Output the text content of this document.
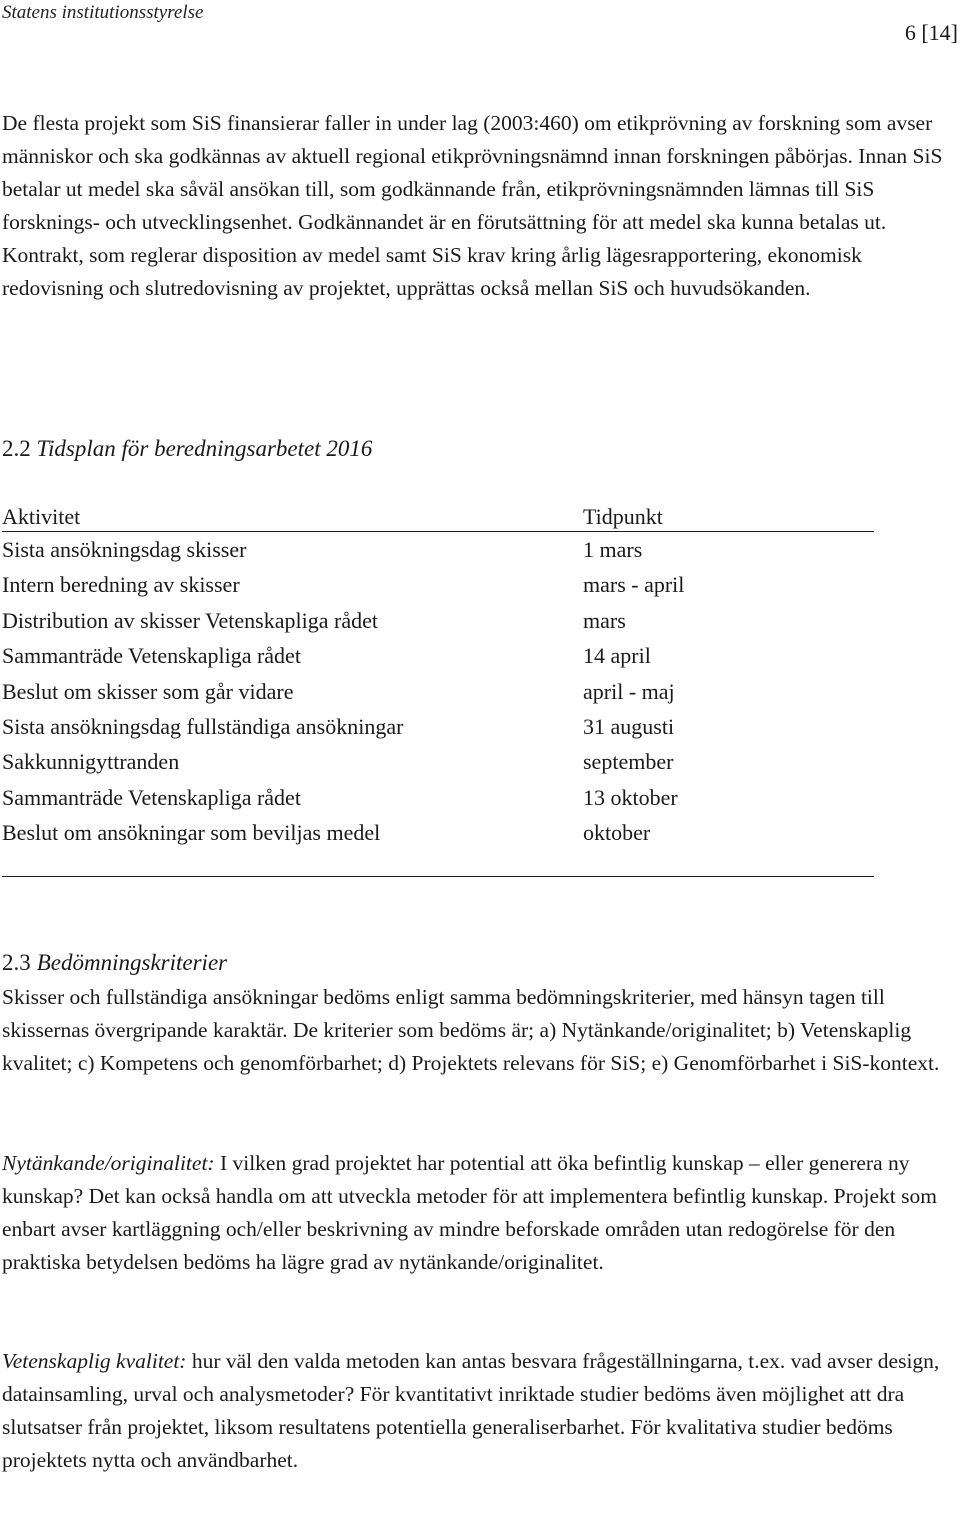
Statens institutionsstyrelse
6 [14]

De flesta projekt som SiS finansierar faller in under lag (2003:460) om etikprövning av forskning som avser människor och ska godkännas av aktuell regional etikprövningsnämnd innan forskningen påbörjas. Innan SiS betalar ut medel ska såväl ansökan till, som godkännande från, etikprövningsnämnden lämnas till SiS forsknings- och utvecklingsenhet. Godkännandet är en förutsättning för att medel ska kunna betalas ut. Kontrakt, som reglerar disposition av medel samt SiS krav kring årlig lägesrapportering, ekonomisk redovisning och slutredovisning av projektet, upprättas också mellan SiS och huvudsökanden.

2.2 Tidsplan för beredningsarbetet 2016
Aktivitet	Tidpunkt
Sista ansökningsdag skisser	1 mars
Intern beredning av skisser	mars - april
Distribution av skisser Vetenskapliga rådet	mars
Sammanträde Vetenskapliga rådet	14 april
Beslut om skisser som går vidare	april - maj
Sista ansökningsdag fullständiga ansökningar	31 augusti
Sakkunnigyttranden	september
Sammanträde Vetenskapliga rådet	13 oktober
Beslut om ansökningar som beviljas medel	oktober
2.3 Bedömningskriterier

Skisser och fullständiga ansökningar bedöms enligt samma bedömningskriterier, med hänsyn tagen till skissernas övergripande karaktär. De kriterier som bedöms är; a) Nytänkande/originalitet; b) Vetenskaplig kvalitet; c) Kompetens och genomförbarhet; d) Projektets relevans för SiS; e) Genomförbarhet i SiS-kontext.

Nytänkande/originalitet: I vilken grad projektet har potential att öka befintlig kunskap – eller generera ny kunskap? Det kan också handla om att utveckla metoder för att implementera befintlig kunskap. Projekt som enbart avser kartläggning och/eller beskrivning av mindre beforskade områden utan redogörelse för den praktiska betydelsen bedöms ha lägre grad av nytänkande/originalitet.

Vetenskaplig kvalitet: hur väl den valda metoden kan antas besvara frågeställningarna, t.ex. vad avser design, datainsamling, urval och analysmetoder? För kvantitativt inriktade studier bedöms även möjlighet att dra slutsatser från projektet, liksom resultatens potentiella generaliserbarhet. För kvalitativa studier bedöms projektets nytta och användbarhet.
